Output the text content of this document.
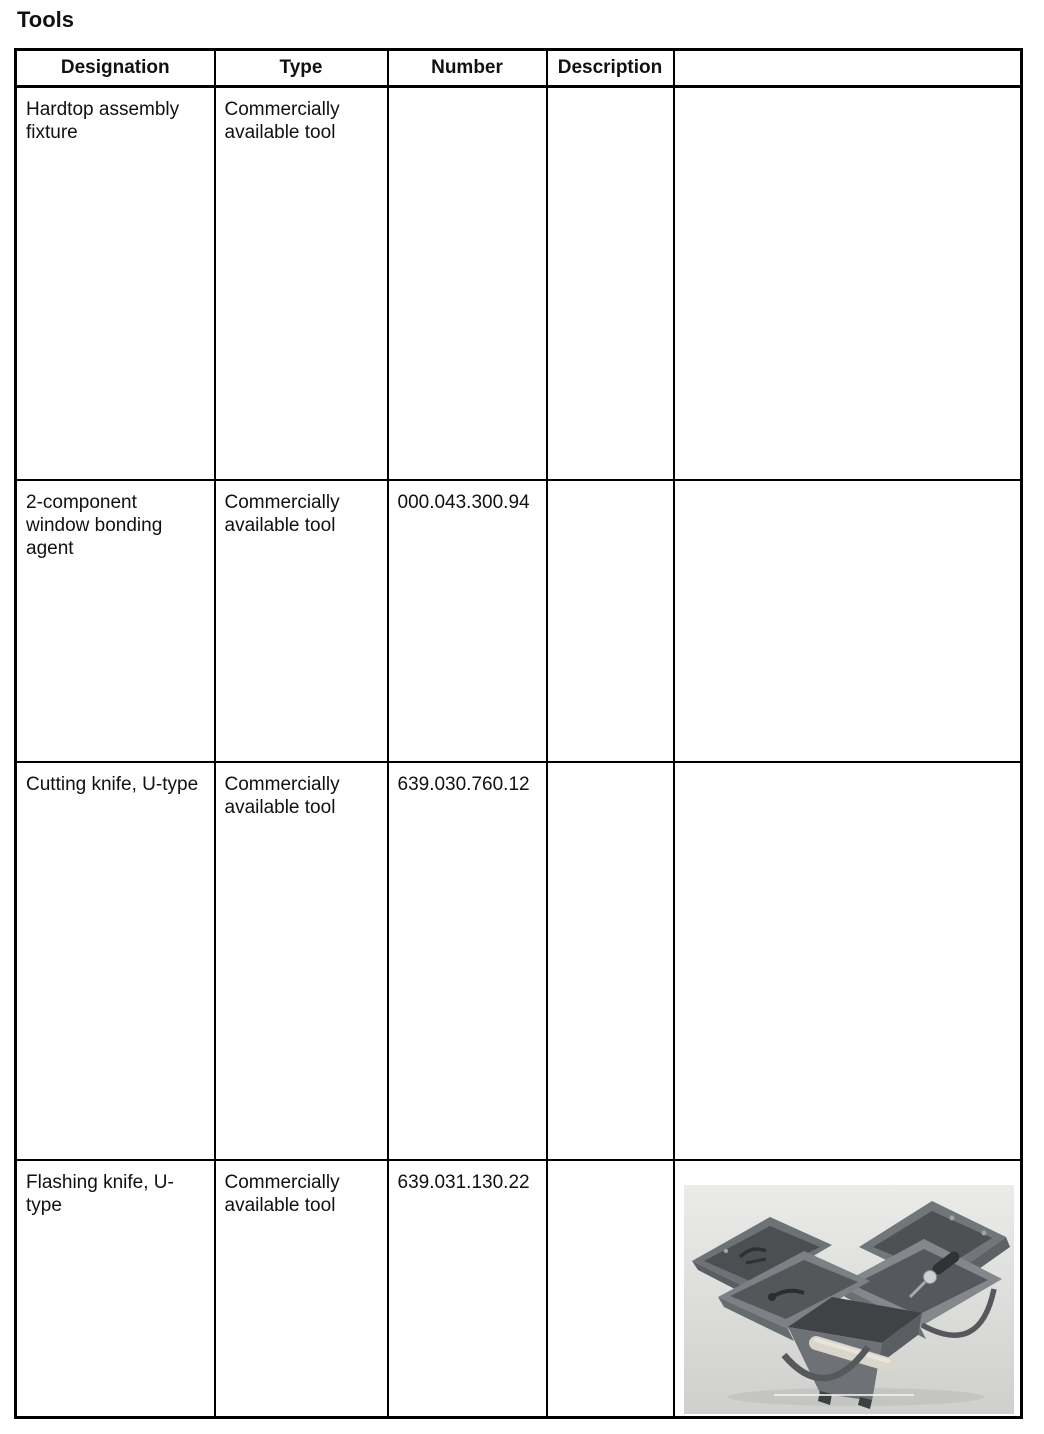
Tools
Designation	Type	Number	Description	
Hardtop assembly fixture	Commercially available tool			
2-component window bonding agent	Commercially available tool	000.043.300.94		
Cutting knife, U-type	Commercially available tool	639.030.760.12		
Flashing knife, U-type	Commercially available tool	639.031.130.22		
